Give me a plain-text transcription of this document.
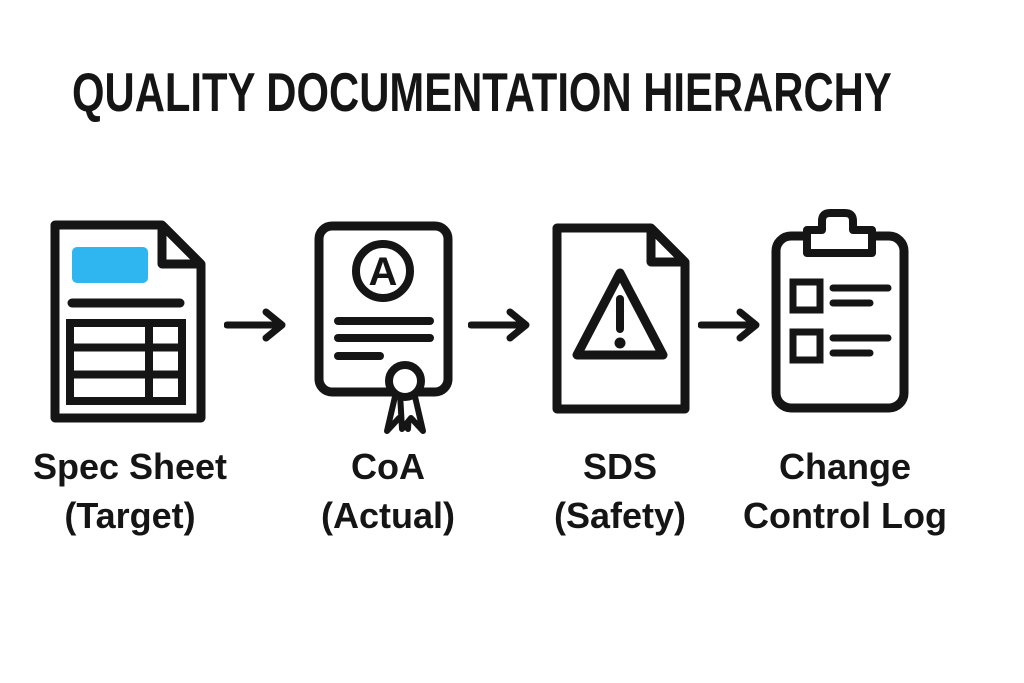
QUALITY DOCUMENTATION HIERARCHY
A
Spec Sheet
(Target)
CoA
(Actual)
SDS
(Safety)
Change
Control Log
